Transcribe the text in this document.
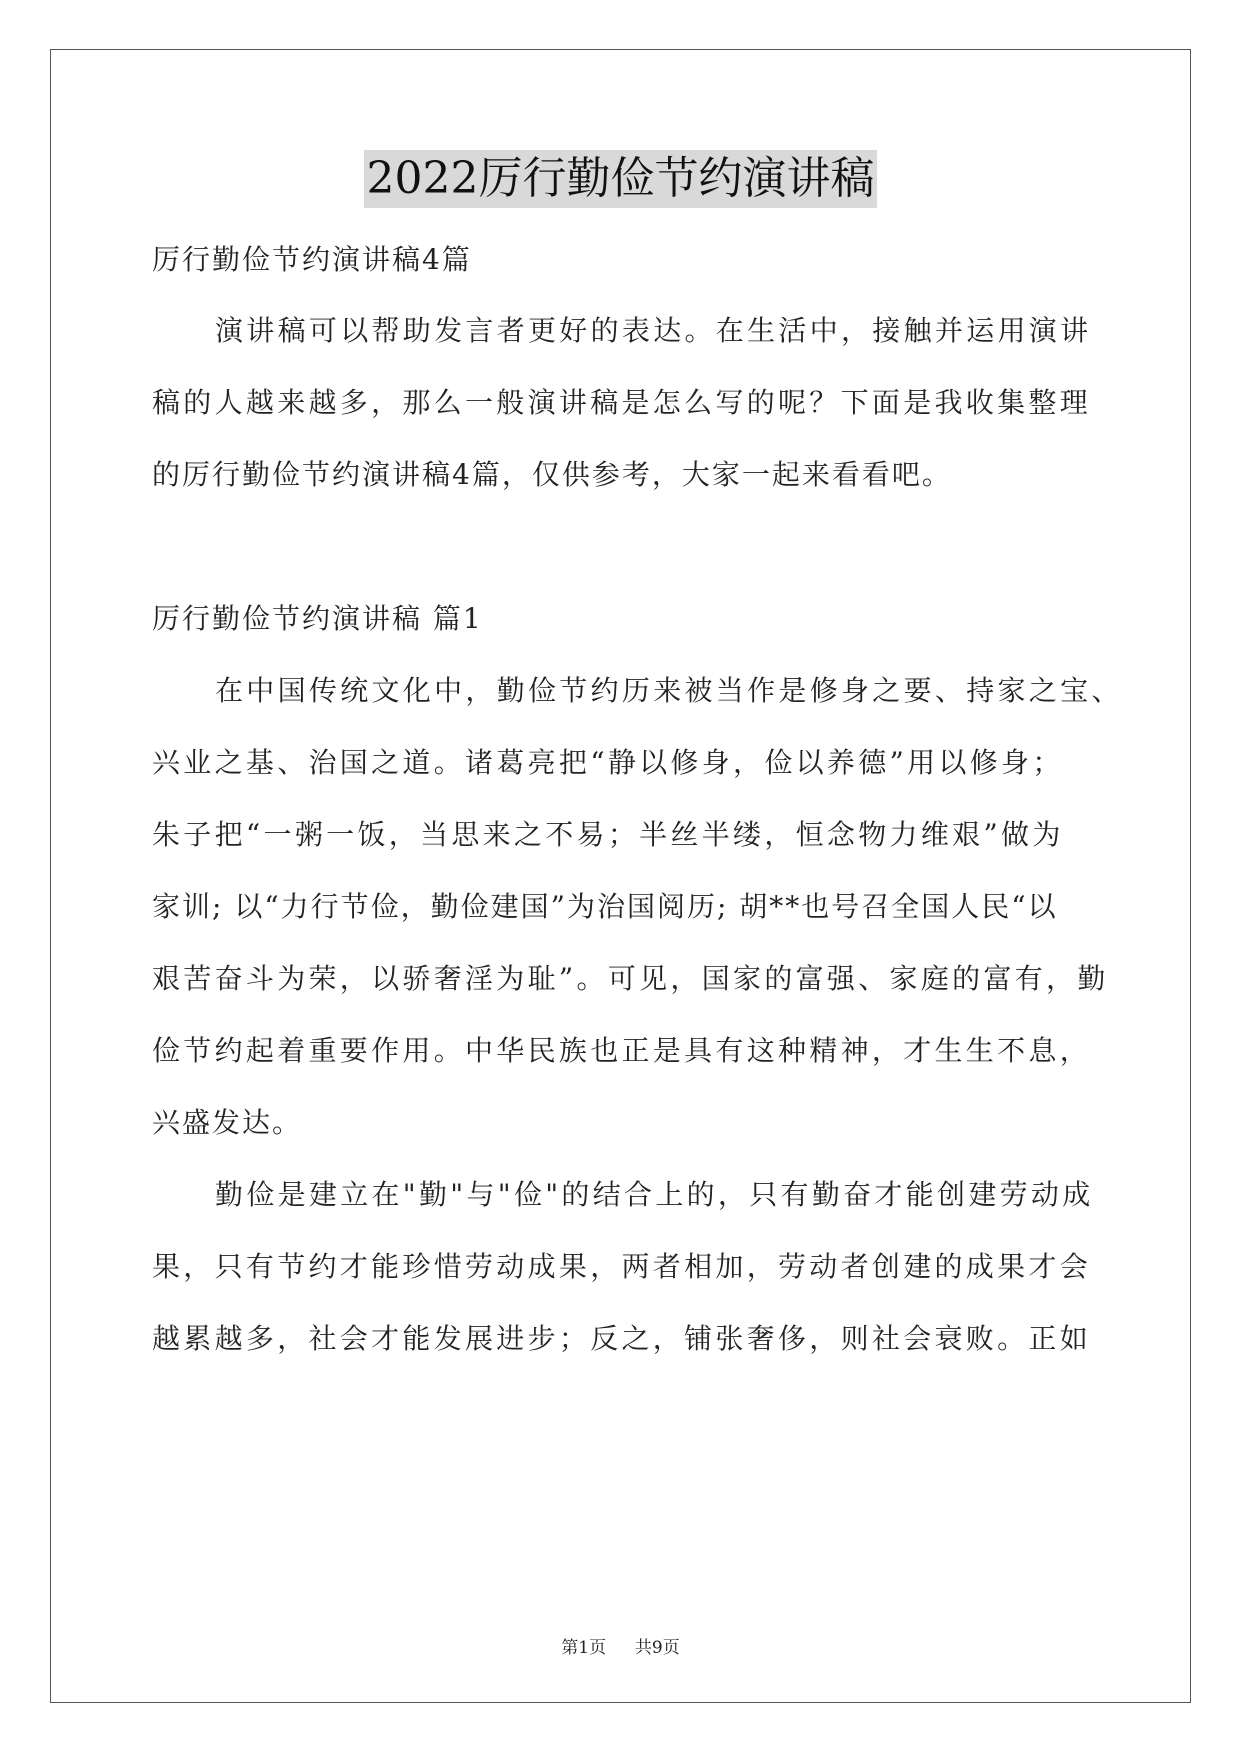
2022厉行勤俭节约演讲稿
厉行勤俭节约演讲稿4篇
演讲稿可以帮助发言者更好的表达。在生活中，接触并运用演讲
稿的人越来越多，那么一般演讲稿是怎么写的呢？下面是我收集整理
的厉行勤俭节约演讲稿4篇，仅供参考，大家一起来看看吧。
厉行勤俭节约演讲稿 篇1
在中国传统文化中，勤俭节约历来被当作是修身之要、持家之宝、
兴业之基、治国之道。诸葛亮把“静以修身，俭以养德”用以修身；
朱子把“一粥一饭，当思来之不易；半丝半缕，恒念物力维艰”做为
家训; 以“力行节俭，勤俭建国”为治国阅历; 胡**也号召全国人民“以
艰苦奋斗为荣，以骄奢淫为耻”。可见，国家的富强、家庭的富有，勤
俭节约起着重要作用。中华民族也正是具有这种精神，才生生不息，
兴盛发达。
勤俭是建立在"勤"与"俭"的结合上的，只有勤奋才能创建劳动成
果，只有节约才能珍惜劳动成果，两者相加，劳动者创建的成果才会
越累越多，社会才能发展进步；反之，铺张奢侈，则社会衰败。正如
第1页 共9页
